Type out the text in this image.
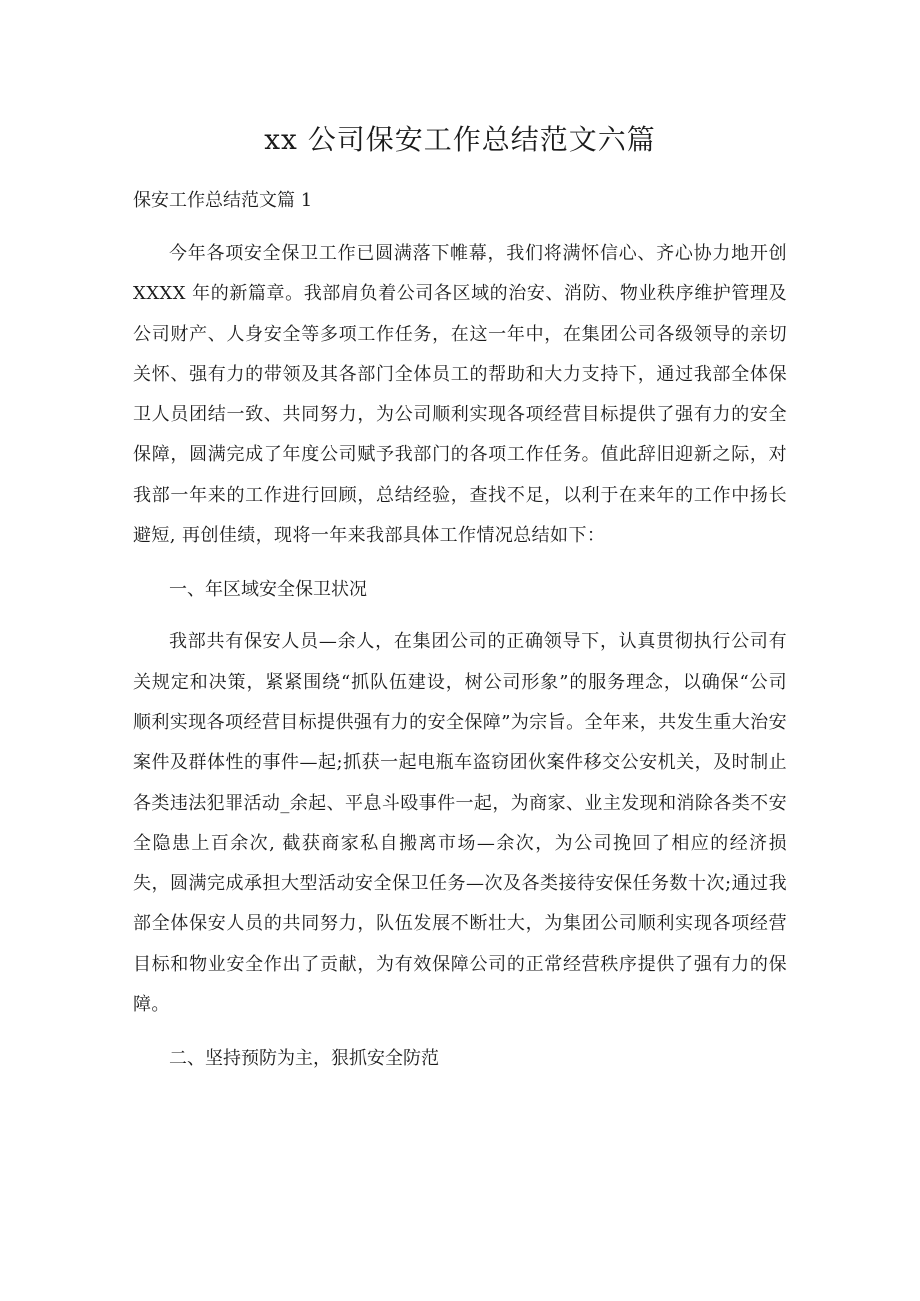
xx 公司保安工作总结范文六篇
保安工作总结范文篇 1

今年各项安全保卫工作已圆满落下帷幕，我们将满怀信心、齐心协力地开创 XXXX 年的新篇章。我部肩负着公司各区域的治安、消防、物业秩序维护管理及公司财产、人身安全等多项工作任务，在这一年中，在集团公司各级领导的亲切关怀、强有力的带领及其各部门全体员工的帮助和大力支持下，通过我部全体保卫人员团结一致、共同努力，为公司顺利实现各项经营目标提供了强有力的安全保障，圆满完成了年度公司赋予我部门的各项工作任务。值此辞旧迎新之际，对我部一年来的工作进行回顾，总结经验，查找不足，以利于在来年的工作中扬长避短, 再创佳绩，现将一年来我部具体工作情况总结如下：

一、年区域安全保卫状况

我部共有保安人员—余人，在集团公司的正确领导下，认真贯彻执行公司有关规定和决策，紧紧围绕“抓队伍建设，树公司形象”的服务理念，以确保“公司顺利实现各项经营目标提供强有力的安全保障”为宗旨。全年来，共发生重大治安案件及群体性的事件—起;抓获一起电瓶车盗窃团伙案件移交公安机关，及时制止各类违法犯罪活动_余起、平息斗殴事件一起，为商家、业主发现和消除各类不安全隐患上百余次, 截获商家私自搬离市场—余次，为公司挽回了相应的经济损失，圆满完成承担大型活动安全保卫任务—次及各类接待安保任务数十次;通过我部全体保安人员的共同努力，队伍发展不断壮大，为集团公司顺利实现各项经营目标和物业安全作出了贡献，为有效保障公司的正常经营秩序提供了强有力的保障。

二、坚持预防为主，狠抓安全防范
